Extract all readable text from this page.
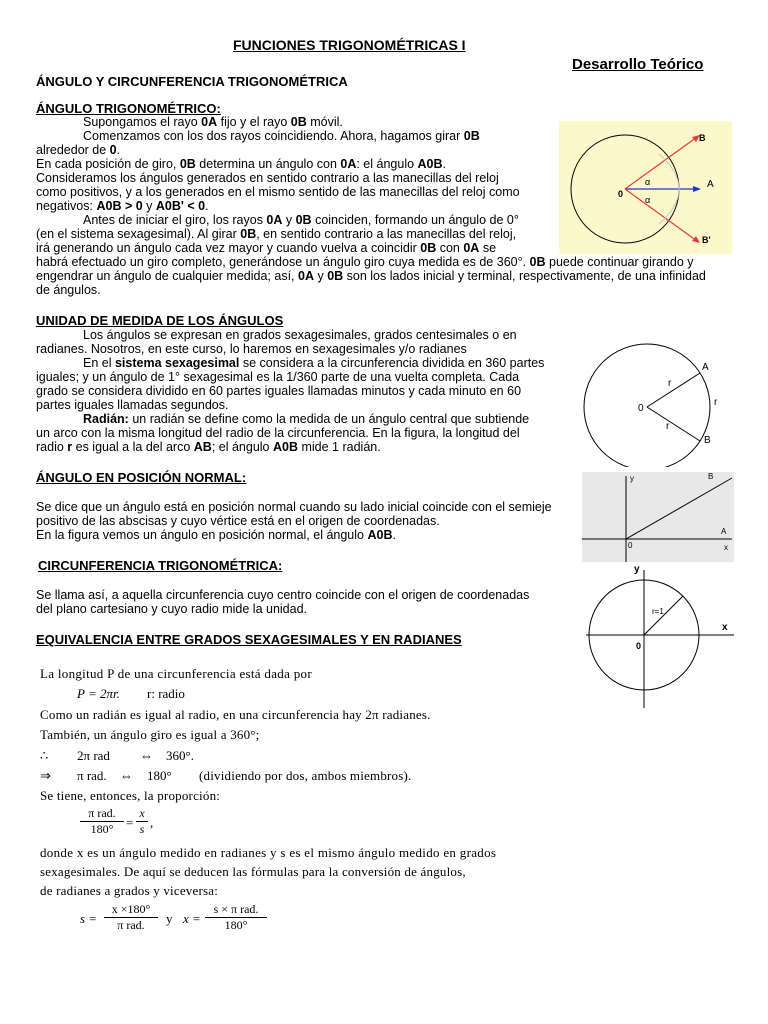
FUNCIONES TRIGONOMÉTRICAS I
Desarrollo Teórico
ÁNGULO Y CIRCUNFERENCIA TRIGONOMÉTRICA
ÁNGULO TRIGONOMÉTRICO:
Supongamos el rayo 0A fijo y el rayo 0B móvil.
Comenzamos con los dos rayos coincidiendo. Ahora, hagamos girar 0B
alrededor de 0.
En cada posición de giro, 0B determina un ángulo con 0A: el ángulo A0B.
Consideramos los ángulos generados en sentido contrario a las manecillas del reloj
como positivos, y a los generados en el mismo sentido de las manecillas del reloj como
negativos: A0B > 0 y A0B' < 0.
Antes de iniciar el giro, los rayos 0A y 0B coinciden, formando un ángulo de 0°
(en el sistema sexagesimal). Al girar 0B, en sentido contrario a las manecillas del reloj,
irá generando un ángulo cada vez mayor y cuando vuelva a coincidir 0B con 0A se
habrá efectuado un giro completo, generándose un ángulo giro cuya medida es de 360°. 0B puede continuar girando y
engendrar un ángulo de cualquier medida; así, 0A y 0B son los lados inicial y terminal, respectivamente, de una infinidad
de ángulos.
B
A
0
α
α
B'
UNIDAD DE MEDIDA DE LOS ÁNGULOS
Los ángulos se expresan en grados sexagesimales, grados centesimales o en
radianes. Nosotros, en este curso, lo haremos en sexagesimales y/o radianes
En el sistema sexagesimal se considera a la circunferencia dividida en 360 partes
iguales; y un ángulo de 1° sexagesimal es la 1/360 parte de una vuelta completa. Cada
grado se considera dividido en 60 partes iguales llamadas minutos y cada minuto en 60
partes iguales llamadas segundos.
Radián: un radián se define como la medida de un ángulo central que subtiende
un arco con la misma longitud del radio de la circunferencia. En la figura, la longitud del
radio r es igual a la del arco AB; el ángulo A0B mide 1 radián.
A
B
0
r
r
r
ÁNGULO EN POSICIÓN NORMAL:
Se dice que un ángulo está en posición normal cuando su lado inicial coincide con el semieje
positivo de las abscisas y cuyo vértice está en el origen de coordenadas.
En la figura vemos un ángulo en posición normal, el ángulo A0B.
y	B
A
0	x
CIRCUNFERENCIA TRIGONOMÉTRICA:
Se llama así, a aquella circunferencia cuyo centro coincide con el origen de coordenadas
del plano cartesiano y cuyo radio mide la unidad.
y
x
0
r=1
EQUIVALENCIA ENTRE GRADOS SEXAGESIMALES Y EN RADIANES
La longitud P de una circunferencia está dada por
P = 2πr. r: radio
Como un radián es igual al radio, en una circunferencia hay 2π radianes.
También, un ángulo giro es igual a 360°;
∴ 2π rad ⇔ 360°.
⇒ π rad. ⇔ 180° (dividiendo por dos, ambos miembros).
Se tiene, entonces, la proporción:
π rad.
$180^\circ = \frac{x}{s}$ ,
donde x es un ángulo medido en radianes y s es el mismo ángulo medido en grados
sexagesimales. De aquí se deducen las fórmulas para la conversión de ángulos,
de radianes a grados y viceversa:
s =
x ×180°
π rad.	y x =
s × π rad.
180°
